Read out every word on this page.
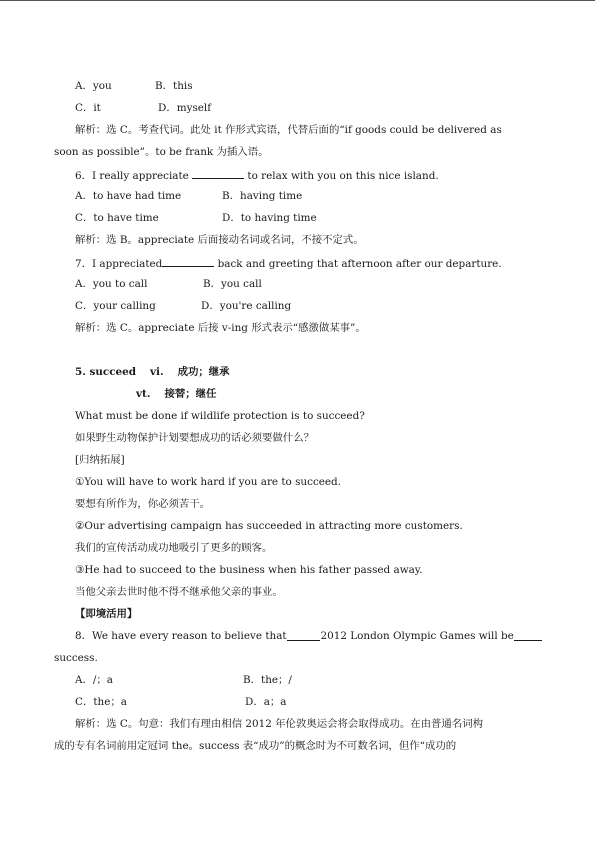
A．you	B．this
C．it	D．myself
解析：选 C。考查代词。此处 it 作形式宾语，代替后面的“if goods could be delivered as
soon as possible”。to be frank 为插入语。
6．I really appreciate	to relax with you on this nice island.
A．to have had time	B．having time
C．to have time	D．to having time
解析：选 B。appreciate 后面接动名词或名词，不接不定式。
7．I appreciated	back and greeting that afternoon after our departure.
A．you to call	B．you call
C．your calling	D．you're calling
解析：选 C。appreciate 后接 v-ing 形式表示“感激做某事”。
5. succeed vi. 成功；继承
vt. 接替；继任
What must be done if wildlife protection is to succeed?
如果野生动物保护计划要想成功的话必须要做什么？
[归纳拓展]
①You will have to work hard if you are to succeed.
要想有所作为，你必须苦干。
②Our advertising campaign has succeeded in attracting more customers.
我们的宣传活动成功地吸引了更多的顾客。
③He had to succeed to the business when his father passed away.
当他父亲去世时他不得不继承他父亲的事业。
【即境活用】
8．We have every reason to believe that	2012 London Olympic Games will be
success.
A．/；a	B．the；/
C．the；a	D．a；a
解析：选 C。句意：我们有理由相信 2012 年伦敦奥运会将会取得成功。在由普通名词构
成的专有名词前用定冠词 the。success 表“成功”的概念时为不可数名词，但作“成功的
